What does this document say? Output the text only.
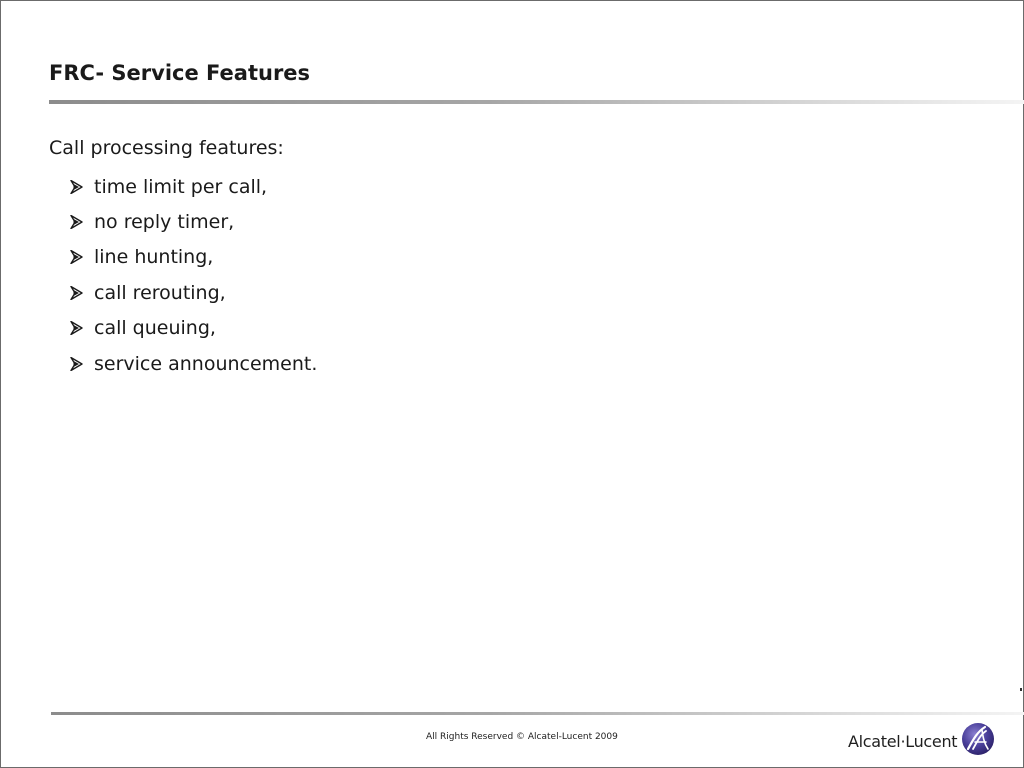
FRC- Service Features
Call processing features:
time limit per call,
no reply timer,
line hunting,
call rerouting,
call queuing,
service announcement.
All Rights Reserved © Alcatel-Lucent 2009	Alcatel·Lucent
